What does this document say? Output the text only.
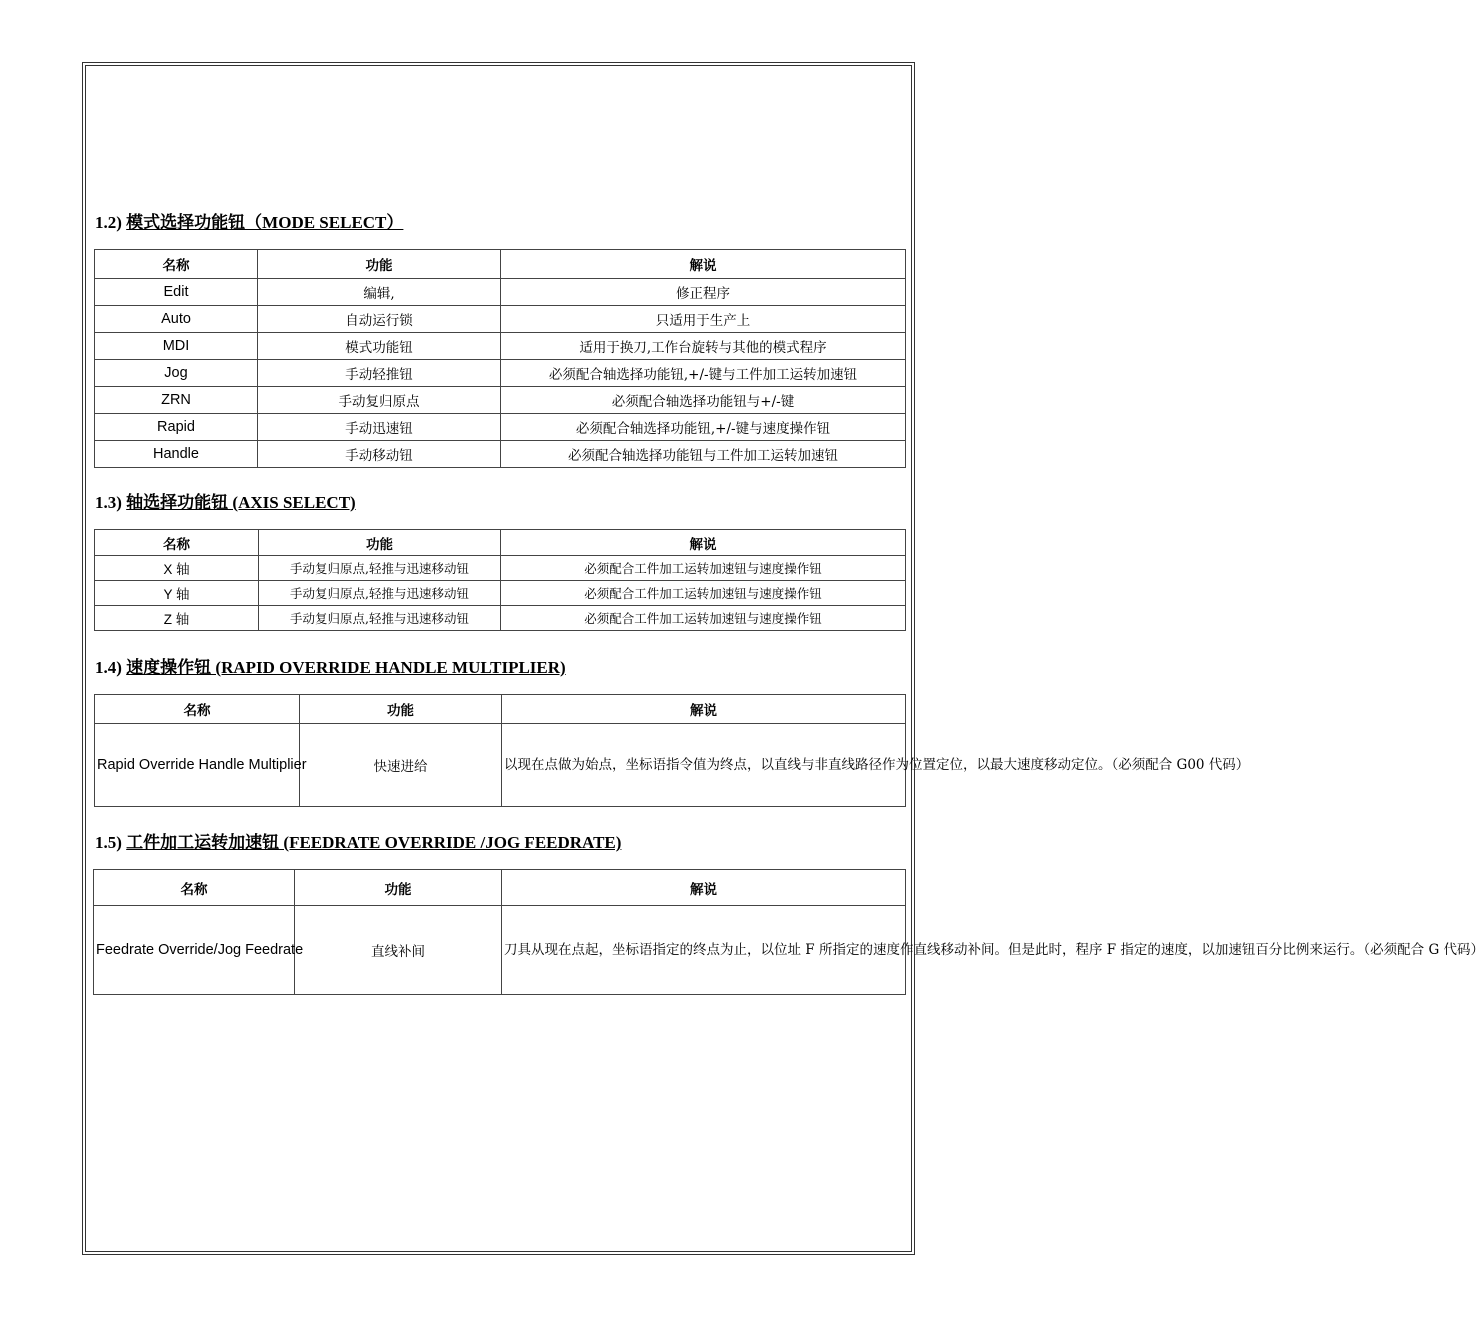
1.2) 模式选择功能钮（MODE SELECT）
名称	功能	解说
Edit	编辑,	修正程序
Auto	自动运行锁	只适用于生产上
MDI	模式功能钮	适用于换刀,工作台旋转与其他的模式程序
Jog	手动轻推钮	必须配合轴选择功能钮,+/-键与工件加工运转加速钮
ZRN	手动复归原点	必须配合轴选择功能钮与+/-键
Rapid	手动迅速钮	必须配合轴选择功能钮,+/-键与速度操作钮
Handle	手动移动钮	必须配合轴选择功能钮与工件加工运转加速钮
1.3) 轴选择功能钮 (AXIS SELECT)
名称	功能	解说
X 轴	手动复归原点,轻推与迅速移动钮	必须配合工件加工运转加速钮与速度操作钮
Y 轴	手动复归原点,轻推与迅速移动钮	必须配合工件加工运转加速钮与速度操作钮
Z 轴	手动复归原点,轻推与迅速移动钮	必须配合工件加工运转加速钮与速度操作钮
1.4) 速度操作钮 (RAPID OVERRIDE HANDLE MULTIPLIER)
名称	功能	解说
Rapid Override Handle Multiplier	快速进给	以现在点做为始点，坐标语指令值为终点，以直线与非直线路径作为位置定位，以最大速度移动定位。（必须配合 G00 代码）
1.5) 工件加工运转加速钮 (FEEDRATE OVERRIDE /JOG FEEDRATE)
名称	功能	解说
Feedrate Override/Jog Feedrate	直线补间	刀具从现在点起，坐标语指定的终点为止，以位址 F 所指定的速度作直线移动补间。但是此时，程序 F 指定的速度，以加速钮百分比例来运行。（必须配合 G 代码）
